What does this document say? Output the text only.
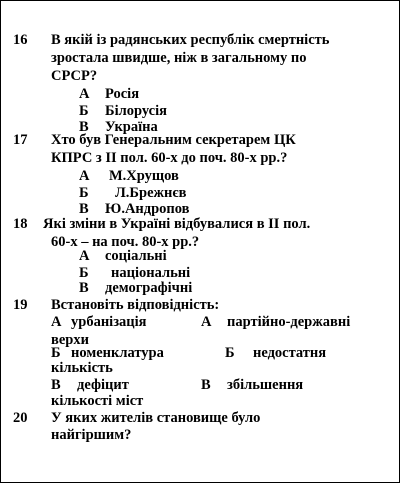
16 В якій із радянських республік смертність
зростала швидше, ніж в загальному по
СРСР?
А Росія
Б Білорусія
В Україна
17 Хто був Генеральним секретарем ЦК
КПРС з ІІ пол. 60-х до поч. 80-х рр.?
А М.Хрущов
Б Л.Брежнєв
В Ю.Андропов
18 Які зміни в Україні відбувалися в ІІ пол.
60-х – на поч. 80-х рр.?
А соціальні
Б національні
В демографічні
19 Встановіть відповідність:
А урбанізація	А партійно-державні
верхи
Б номенклатура	Б недостатня
кількість
В дефіцит	В збільшення
кількості міст
20 У яких жителів становище було
найгіршим?
